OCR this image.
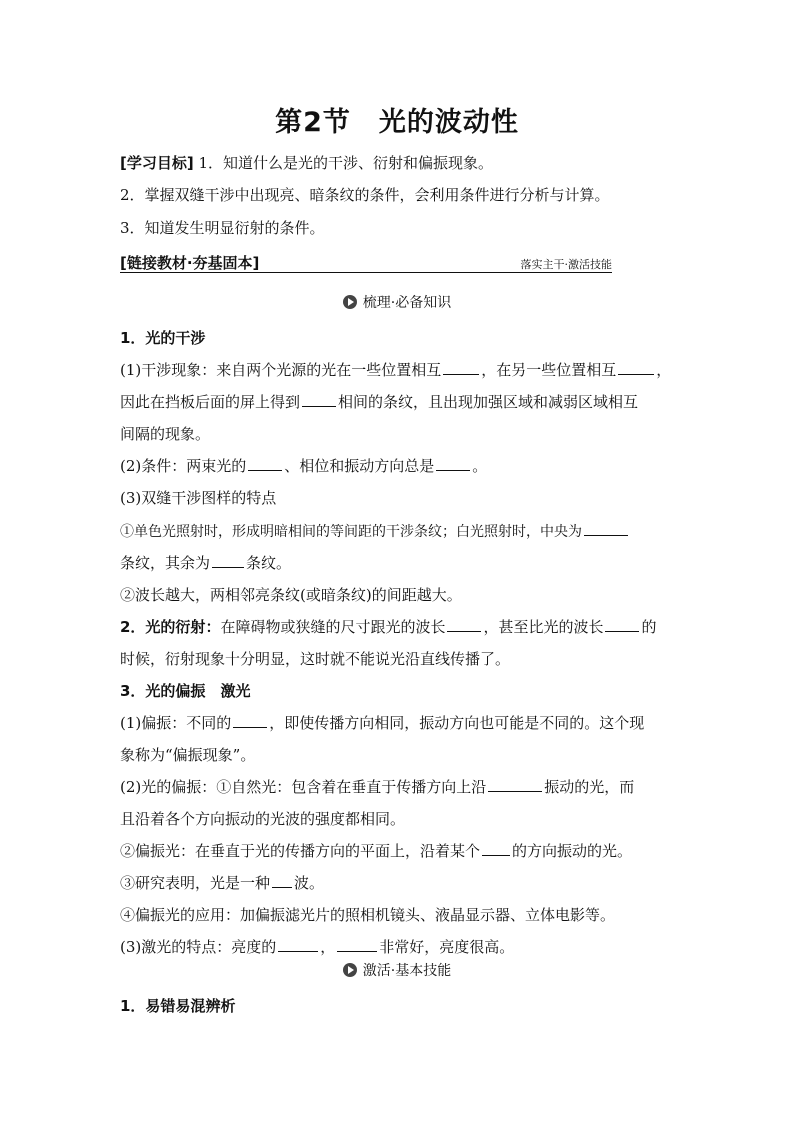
第2节　光的波动性
[学习目标] 1．知道什么是光的干涉、衍射和偏振现象。
2．掌握双缝干涉中出现亮、暗条纹的条件，会利用条件进行分析与计算。
3．知道发生明显衍射的条件。
[链接教材·夯基固本]	落实主干·激活技能
梳理·必备知识
1．光的干涉
(1)干涉现象：来自两个光源的光在一些位置相互	，在另一些位置相互	，
因此在挡板后面的屏上得到	相间的条纹，且出现加强区域和减弱区域相互
间隔的现象。
(2)条件：两束光的	、相位和振动方向总是	。
(3)双缝干涉图样的特点
①单色光照射时，形成明暗相间的等间距的干涉条纹；白光照射时，中央为
条纹，其余为 条纹。
②波长越大，两相邻亮条纹(或暗条纹)的间距越大。
2．光的衍射：在障碍物或狭缝的尺寸跟光的波长	，甚至比光的波长	的
时候，衍射现象十分明显，这时就不能说光沿直线传播了。
3．光的偏振　激光
(1)偏振：不同的	，即使传播方向相同，振动方向也可能是不同的。这个现
象称为“偏振现象”。
(2)光的偏振：①自然光：包含着在垂直于传播方向上沿	振动的光，而
且沿着各个方向振动的光波的强度都相同。
②偏振光：在垂直于光的传播方向的平面上，沿着某个 的方向振动的光。
③研究表明，光是一种 波。
④偏振光的应用：加偏振滤光片的照相机镜头、液晶显示器、立体电影等。
(3)激光的特点：亮度的	，	非常好，亮度很高。
激活·基本技能
1．易错易混辨析
